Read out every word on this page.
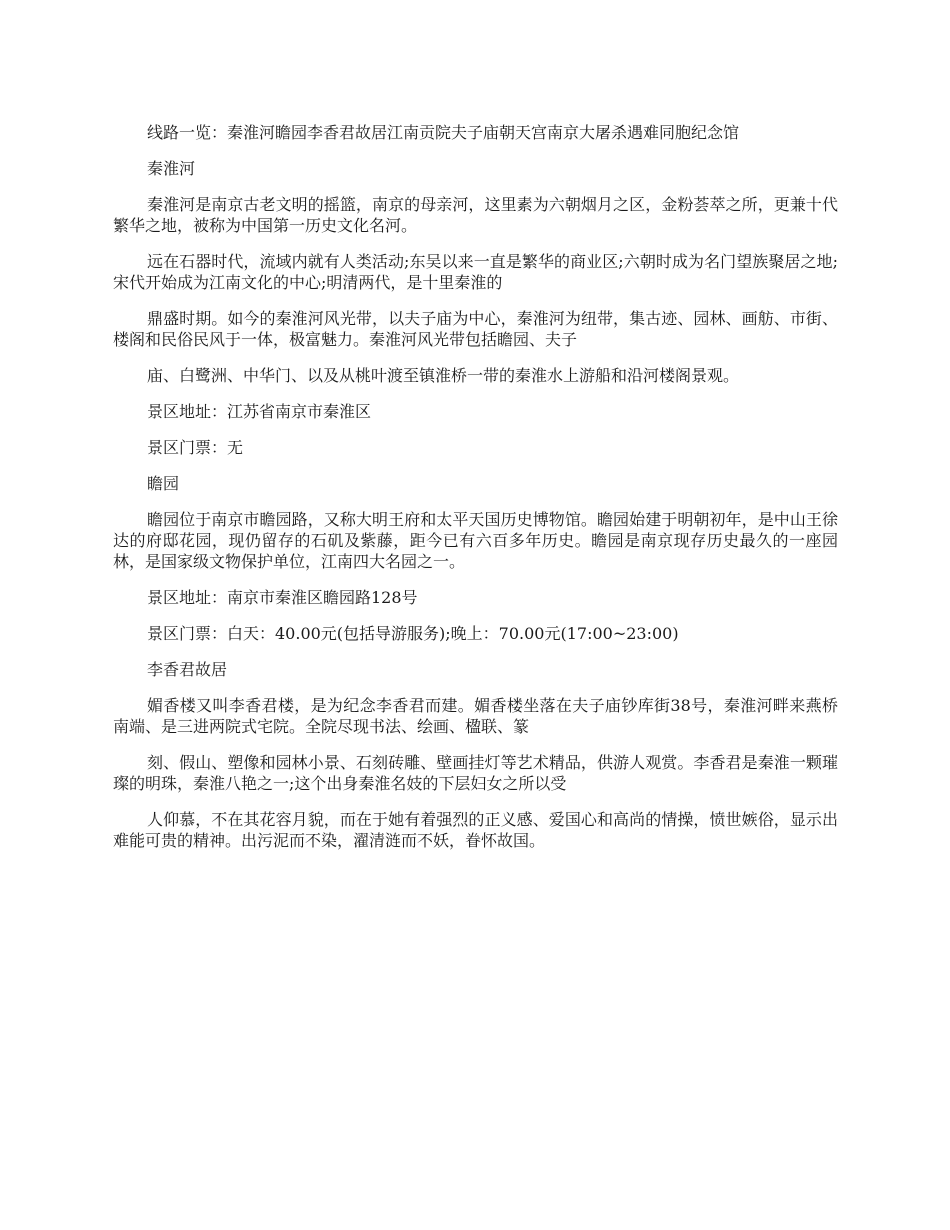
线路一览：秦淮河瞻园李香君故居江南贡院夫子庙朝天宫南京大屠杀遇难同胞纪念馆

秦淮河

秦淮河是南京古老文明的摇篮，南京的母亲河，这里素为六朝烟月之区，金粉荟萃之所，更兼十代繁华之地，被称为中国第一历史文化名河。

远在石器时代，流域内就有人类活动;东吴以来一直是繁华的商业区;六朝时成为名门望族聚居之地;宋代开始成为江南文化的中心;明清两代，是十里秦淮的

鼎盛时期。如今的秦淮河风光带，以夫子庙为中心，秦淮河为纽带，集古迹、园林、画舫、市街、楼阁和民俗民风于一体，极富魅力。秦淮河风光带包括瞻园、夫子

庙、白鹭洲、中华门、以及从桃叶渡至镇淮桥一带的秦淮水上游船和沿河楼阁景观。

景区地址：江苏省南京市秦淮区

景区门票：无

瞻园

瞻园位于南京市瞻园路，又称大明王府和太平天国历史博物馆。瞻园始建于明朝初年，是中山王徐达的府邸花园，现仍留存的石矶及紫藤，距今已有六百多年历史。瞻园是南京现存历史最久的一座园林，是国家级文物保护单位，江南四大名园之一。

景区地址：南京市秦淮区瞻园路128号

景区门票：白天：40.00元(包括导游服务);晚上：70.00元(17:00~23:00)

李香君故居

媚香楼又叫李香君楼，是为纪念李香君而建。媚香楼坐落在夫子庙钞库街38号，秦淮河畔来燕桥南端、是三进两院式宅院。全院尽现书法、绘画、楹联、篆

刻、假山、塑像和园林小景、石刻砖雕、壁画挂灯等艺术精品，供游人观赏。李香君是秦淮一颗璀璨的明珠，秦淮八艳之一;这个出身秦淮名妓的下层妇女之所以受

人仰慕，不在其花容月貌，而在于她有着强烈的正义感、爱国心和高尚的情操，愤世嫉俗，显示出难能可贵的精神。出污泥而不染，濯清涟而不妖，眷怀故国。
